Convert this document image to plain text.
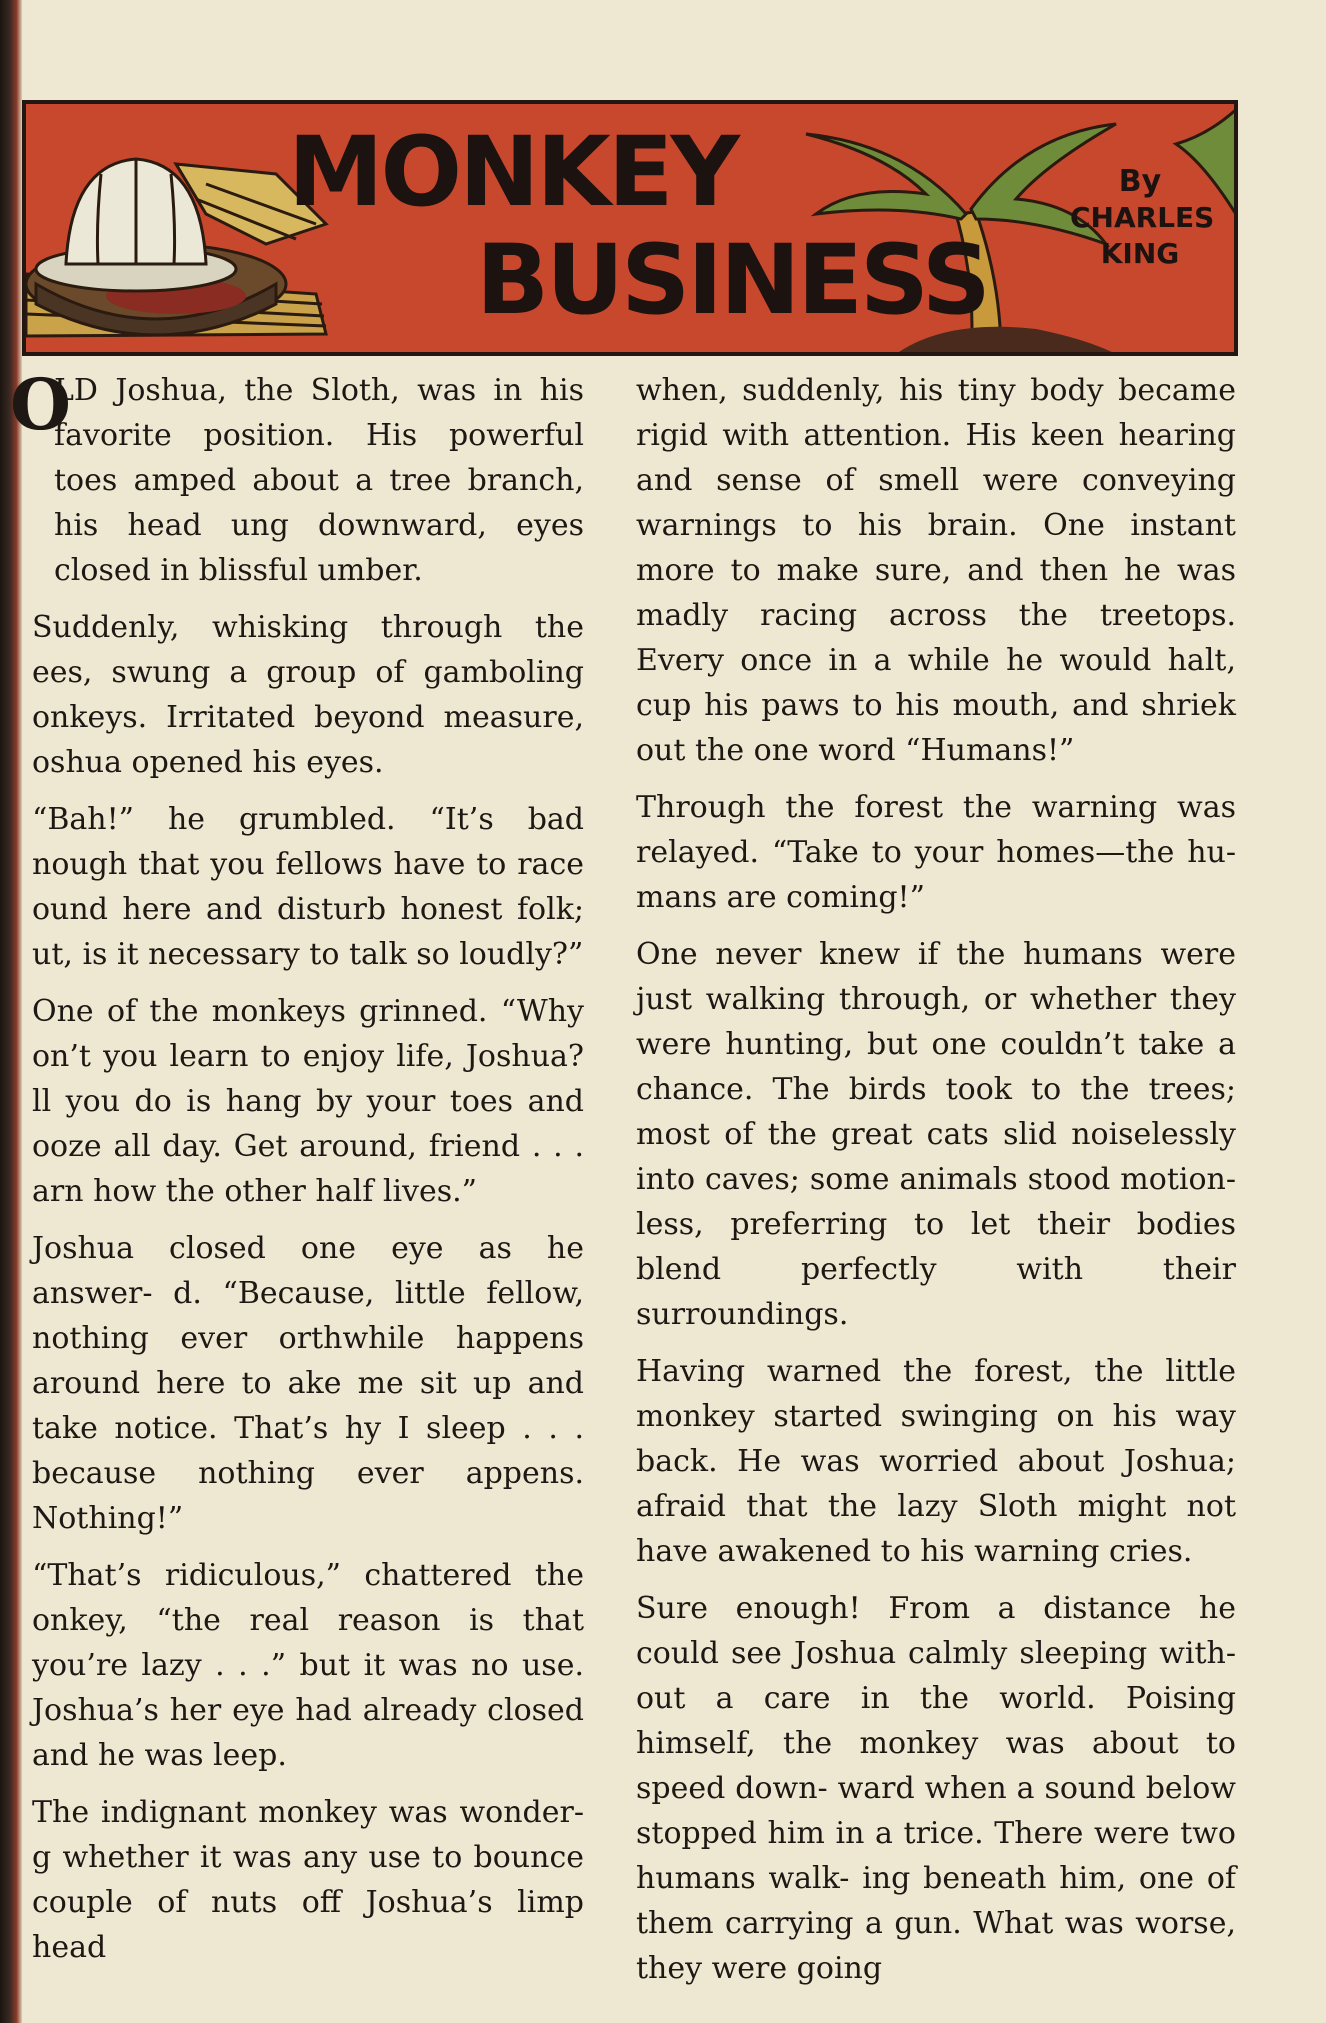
MONKEY
BUSINESS
By
CHARLES
KING
O

LD Joshua, the Sloth, was in his favorite position. His powerful toes amped about a tree branch, his head ung downward, eyes closed in blissful umber.

Suddenly, whisking through the ees, swung a group of gamboling onkeys. Irritated beyond measure, oshua opened his eyes.

“Bah!” he grumbled. “It’s bad nough that you fellows have to race ound here and disturb honest folk; ut, is it necessary to talk so loudly?”

One of the monkeys grinned. “Why on’t you learn to enjoy life, Joshua? ll you do is hang by your toes and ooze all day. Get around, friend . . . arn how the other half lives.”

Joshua closed one eye as he answer- d. “Because, little fellow, nothing ever orthwhile happens around here to ake me sit up and take notice. That’s hy I sleep . . . because nothing ever appens. Nothing!”

“That’s ridiculous,” chattered the onkey, “the real reason is that you’re lazy . . .” but it was no use. Joshua’s her eye had already closed and he was leep.

The indignant monkey was wonder- g whether it was any use to bounce couple of nuts off Joshua’s limp head

when, suddenly, his tiny body became rigid with attention. His keen hearing and sense of smell were conveying warnings to his brain. One instant more to make sure, and then he was madly racing across the treetops. Every once in a while he would halt, cup his paws to his mouth, and shriek out the one word “Humans!”

Through the forest the warning was relayed. “Take to your homes—the hu- mans are coming!”

One never knew if the humans were just walking through, or whether they were hunting, but one couldn’t take a chance. The birds took to the trees; most of the great cats slid noiselessly into caves; some animals stood motion- less, preferring to let their bodies blend perfectly with their surroundings.

Having warned the forest, the little monkey started swinging on his way back. He was worried about Joshua; afraid that the lazy Sloth might not have awakened to his warning cries.

Sure enough! From a distance he could see Joshua calmly sleeping with- out a care in the world. Poising himself, the monkey was about to speed down- ward when a sound below stopped him in a trice. There were two humans walk- ing beneath him, one of them carrying a gun. What was worse, they were going
